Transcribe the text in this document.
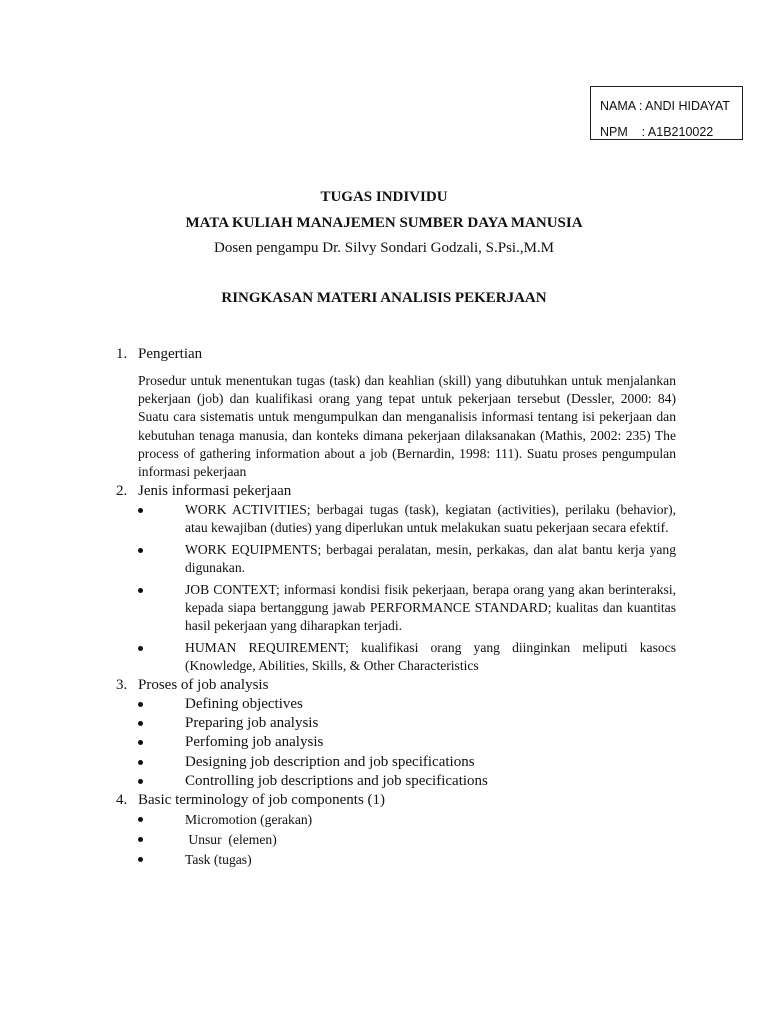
NAMA : ANDI HIDAYAT
NPM    : A1B210022
TUGAS INDIVIDU
MATA KULIAH MANAJEMEN SUMBER DAYA MANUSIA
Dosen pengampu Dr. Silvy Sondari Godzali, S.Psi.,M.M
RINGKASAN MATERI ANALISIS PEKERJAAN
1. Pengertian
Prosedur untuk menentukan tugas (task) dan keahlian (skill) yang dibutuhkan untuk menjalankan pekerjaan (job) dan kualifikasi orang yang tepat untuk pekerjaan tersebut (Dessler, 2000: 84) Suatu cara sistematis untuk mengumpulkan dan menganalisis informasi tentang isi pekerjaan dan kebutuhan tenaga manusia, dan konteks dimana pekerjaan dilaksanakan (Mathis, 2002: 235) The process of gathering information about a job (Bernardin, 1998: 111). Suatu proses pengumpulan informasi pekerjaan
2. Jenis informasi pekerjaan
WORK ACTIVITIES; berbagai tugas (task), kegiatan (activities), perilaku (behavior), atau kewajiban (duties) yang diperlukan untuk melakukan suatu pekerjaan secara efektif.
WORK EQUIPMENTS; berbagai peralatan, mesin, perkakas, dan alat bantu kerja yang digunakan.
JOB CONTEXT; informasi kondisi fisik pekerjaan, berapa orang yang akan berinteraksi, kepada siapa bertanggung jawab PERFORMANCE STANDARD; kualitas dan kuantitas hasil pekerjaan yang diharapkan terjadi.
HUMAN REQUIREMENT; kualifikasi orang yang diinginkan meliputi kasocs (Knowledge, Abilities, Skills, & Other Characteristics
3. Proses of job analysis
Defining objectives
Preparing job analysis
Perfoming job analysis
Designing job description and job specifications
Controlling job descriptions and job specifications
4. Basic terminology of job components (1)
Micromotion (gerakan)
Unsur  (elemen)
Task (tugas)
